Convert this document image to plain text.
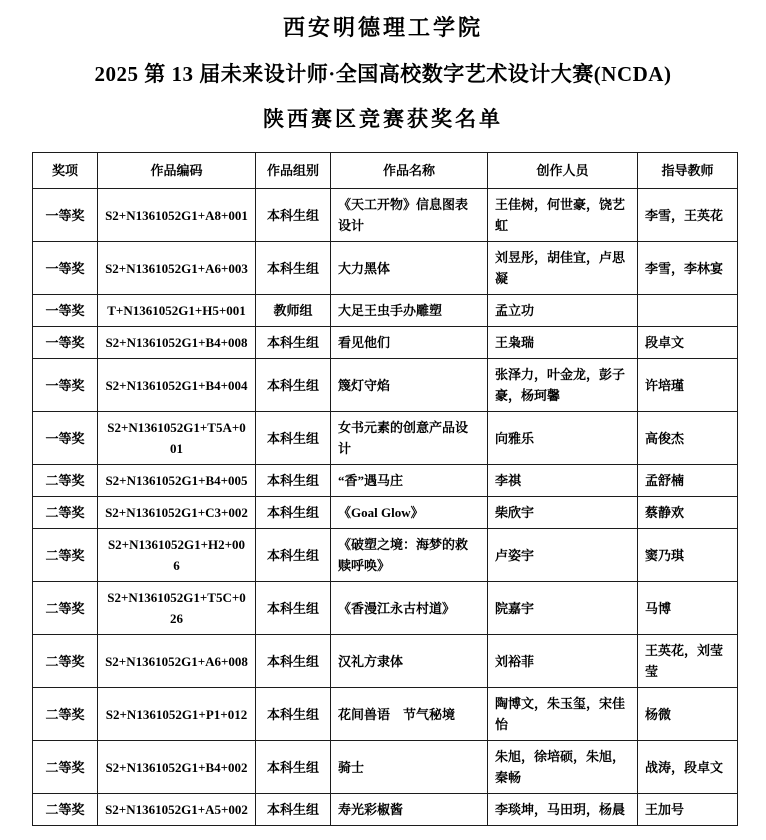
西安明德理工学院

2025 第 13 届未来设计师·全国高校数字艺术设计大赛(NCDA)

陕西赛区竞赛获奖名单

奖项	作品编码	作品组别	作品名称	创作人员	指导教师
一等奖	S2+N1361052G1+A8+001	本科生组	《天工开物》信息图表设计	王佳树，何世豪，饶艺虹	李雪，王英花
一等奖	S2+N1361052G1+A6+003	本科生组	大力黑体	刘昱彤，胡佳宜，卢思凝	李雪，李林宴
一等奖	T+N1361052G1+H5+001	教师组	大足王虫手办雕塑	孟立功	
一等奖	S2+N1361052G1+B4+008	本科生组	看见他们	王枭瑞	段卓文
一等奖	S2+N1361052G1+B4+004	本科生组	篾灯守焰	张泽力，叶金龙，彭子豪，杨珂馨	许培瑾
一等奖	S2+N1361052G1+T5A+001	本科生组	女书元素的创意产品设计	向雅乐	高俊杰
二等奖	S2+N1361052G1+B4+005	本科生组	“香”遇马庄	李祺	孟舒楠
二等奖	S2+N1361052G1+C3+002	本科生组	《Goal Glow》	柴欣宇	蔡静欢
二等奖	S2+N1361052G1+H2+006	本科生组	《破塑之境：海梦的救赎呼唤》	卢姿宇	窦乃琪
二等奖	S2+N1361052G1+T5C+026	本科生组	《香漫江永古村道》	院嘉宇	马博
二等奖	S2+N1361052G1+A6+008	本科生组	汉礼方隶体	刘裕菲	王英花，刘莹莹
二等奖	S2+N1361052G1+P1+012	本科生组	花间兽语　节气秘境	陶博文，朱玉玺，宋佳怡	杨微
二等奖	S2+N1361052G1+B4+002	本科生组	骑士	朱旭，徐培硕，朱旭，秦畅	战涛，段卓文
二等奖	S2+N1361052G1+A5+002	本科生组	寿光彩椒酱	李琰坤，马田玥，杨晨	王加号
